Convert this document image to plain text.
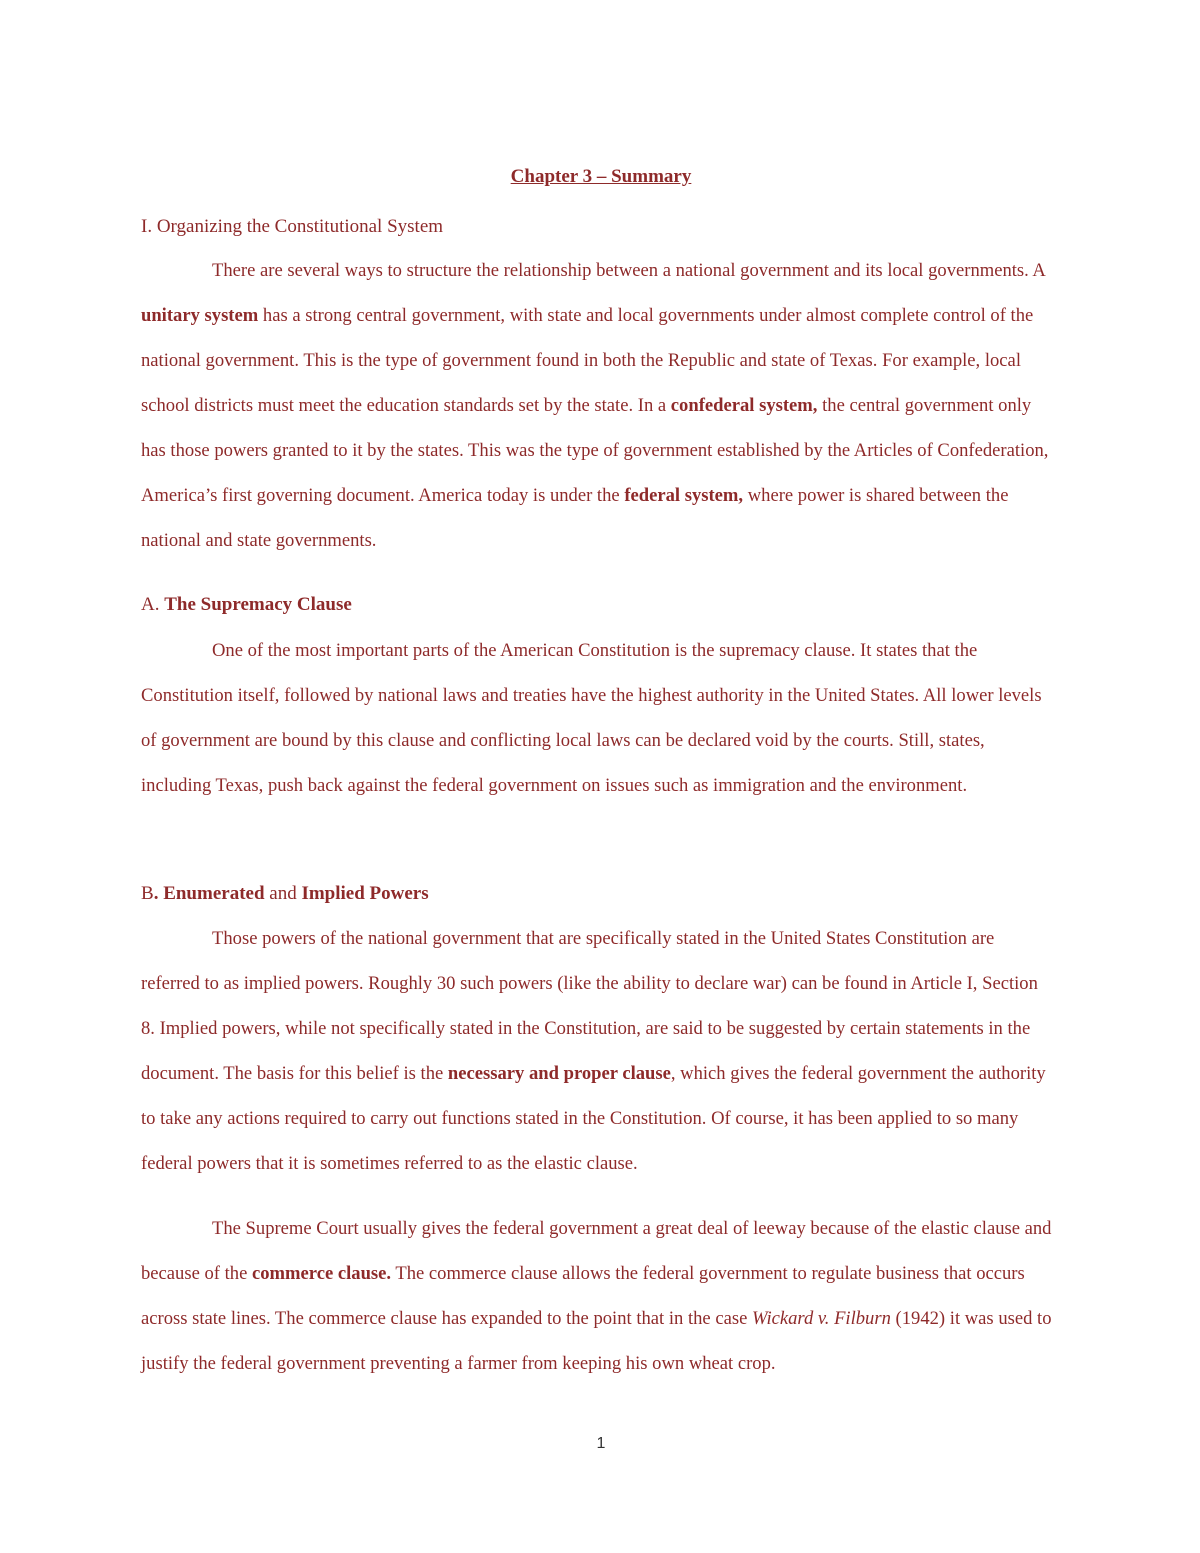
Chapter 3 – Summary

I. Organizing the Constitutional System

There are several ways to structure the relationship between a national government and its local governments. A unitary system has a strong central government, with state and local governments under almost complete control of the national government. This is the type of government found in both the Republic and state of Texas. For example, local school districts must meet the education standards set by the state. In a confederal system, the central government only has those powers granted to it by the states. This was the type of government established by the Articles of Confederation, America’s first governing document. America today is under the federal system, where power is shared between the national and state governments.

A. The Supremacy Clause

One of the most important parts of the American Constitution is the supremacy clause. It states that the Constitution itself, followed by national laws and treaties have the highest authority in the United States. All lower levels of government are bound by this clause and conflicting local laws can be declared void by the courts. Still, states, including Texas, push back against the federal government on issues such as immigration and the environment.

B. Enumerated and Implied Powers

Those powers of the national government that are specifically stated in the United States Constitution are referred to as implied powers. Roughly 30 such powers (like the ability to declare war) can be found in Article I, Section 8. Implied powers, while not specifically stated in the Constitution, are said to be suggested by certain statements in the document. The basis for this belief is the necessary and proper clause, which gives the federal government the authority to take any actions required to carry out functions stated in the Constitution. Of course, it has been applied to so many federal powers that it is sometimes referred to as the elastic clause.

The Supreme Court usually gives the federal government a great deal of leeway because of the elastic clause and because of the commerce clause. The commerce clause allows the federal government to regulate business that occurs across state lines. The commerce clause has expanded to the point that in the case Wickard v. Filburn (1942) it was used to justify the federal government preventing a farmer from keeping his own wheat crop.

1
